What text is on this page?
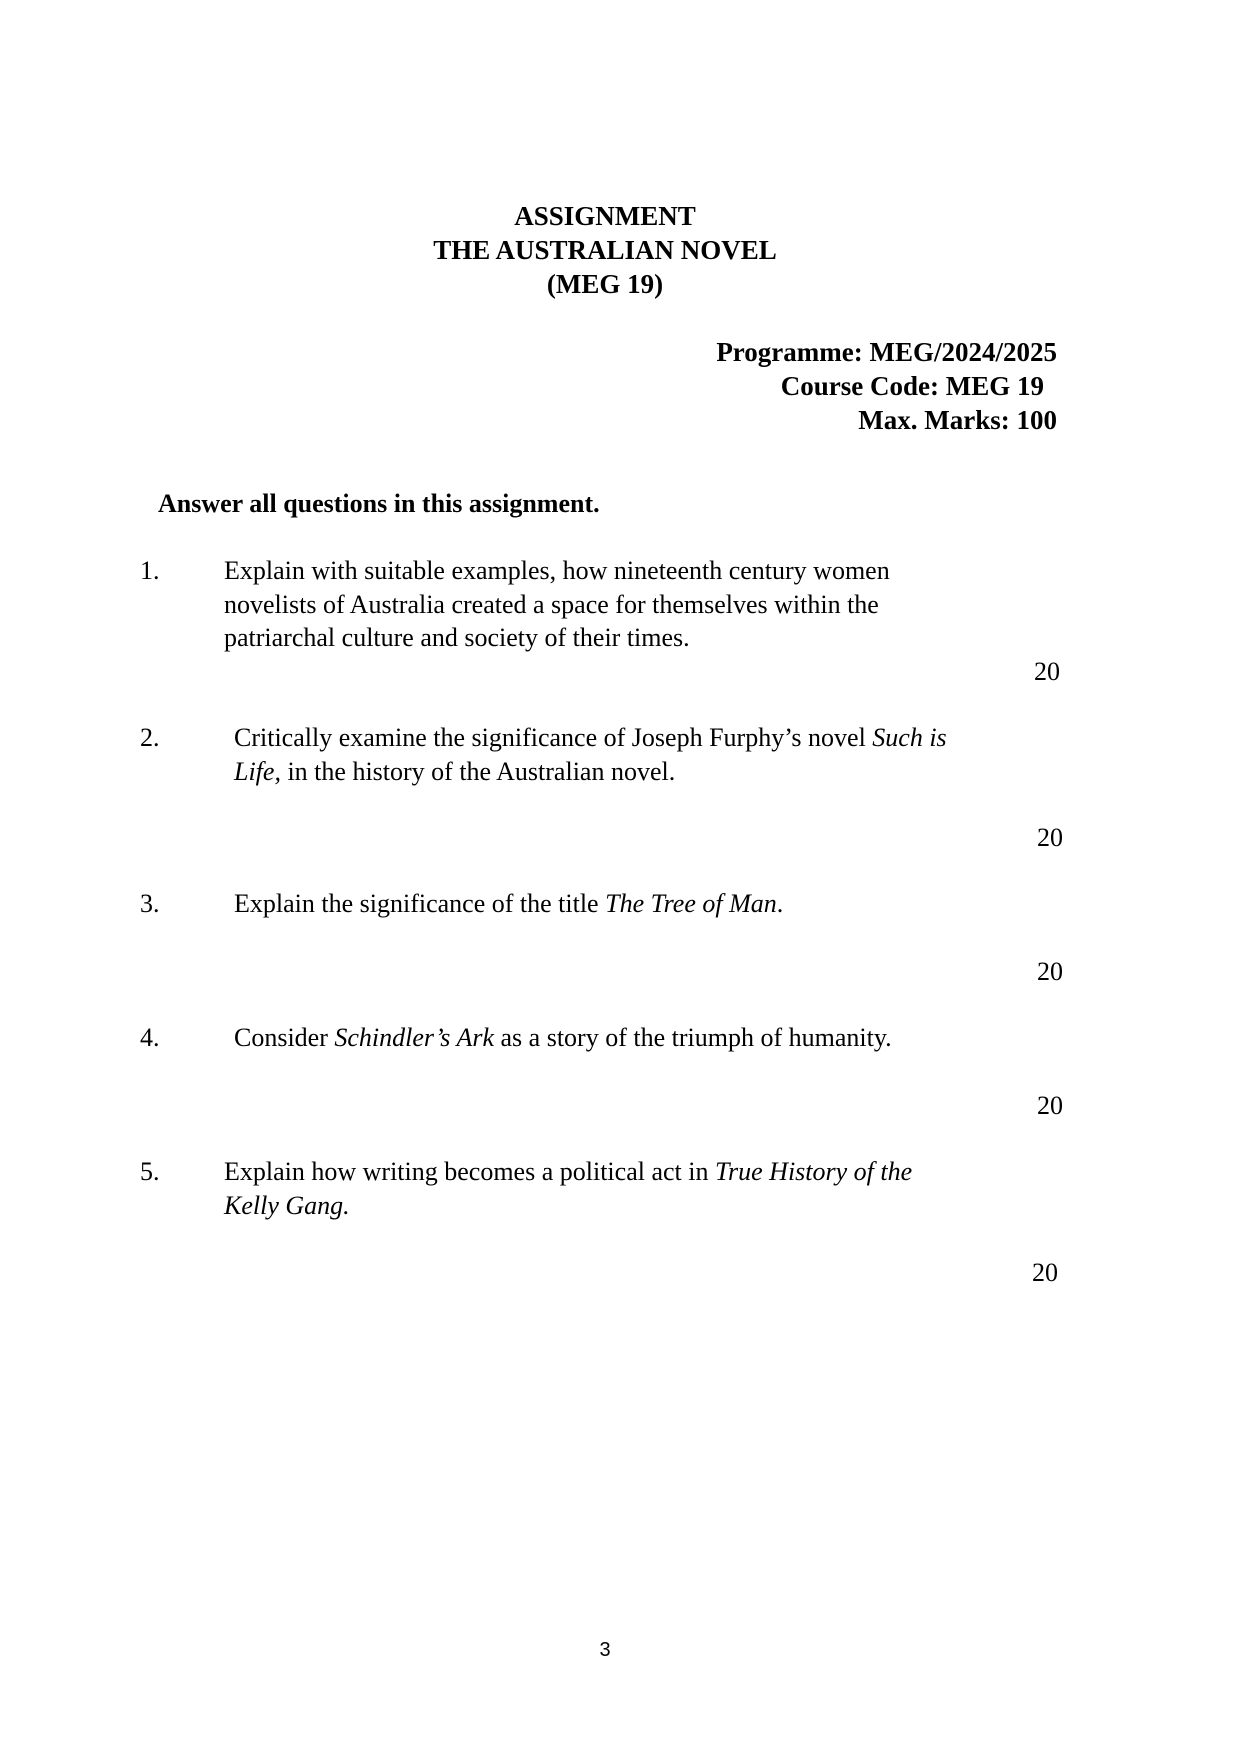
ASSIGNMENT
THE AUSTRALIAN NOVEL
(MEG 19)
Programme: MEG/2024/2025
Course Code: MEG 19
Max. Marks: 100
Answer all questions in this assignment.
1. Explain with suitable examples, how nineteenth century women
novelists of Australia created a space for themselves within the
patriarchal culture and society of their times.
20
2.	Critically examine the significance of Joseph Furphy’s novel Such is
Life, in the history of the Australian novel.
20
3.	Explain the significance of the title The Tree of Man.
20
4.	Consider Schindler’s Ark as a story of the triumph of humanity.
20
5. Explain how writing becomes a political act in True History of the
Kelly Gang.
20
3
